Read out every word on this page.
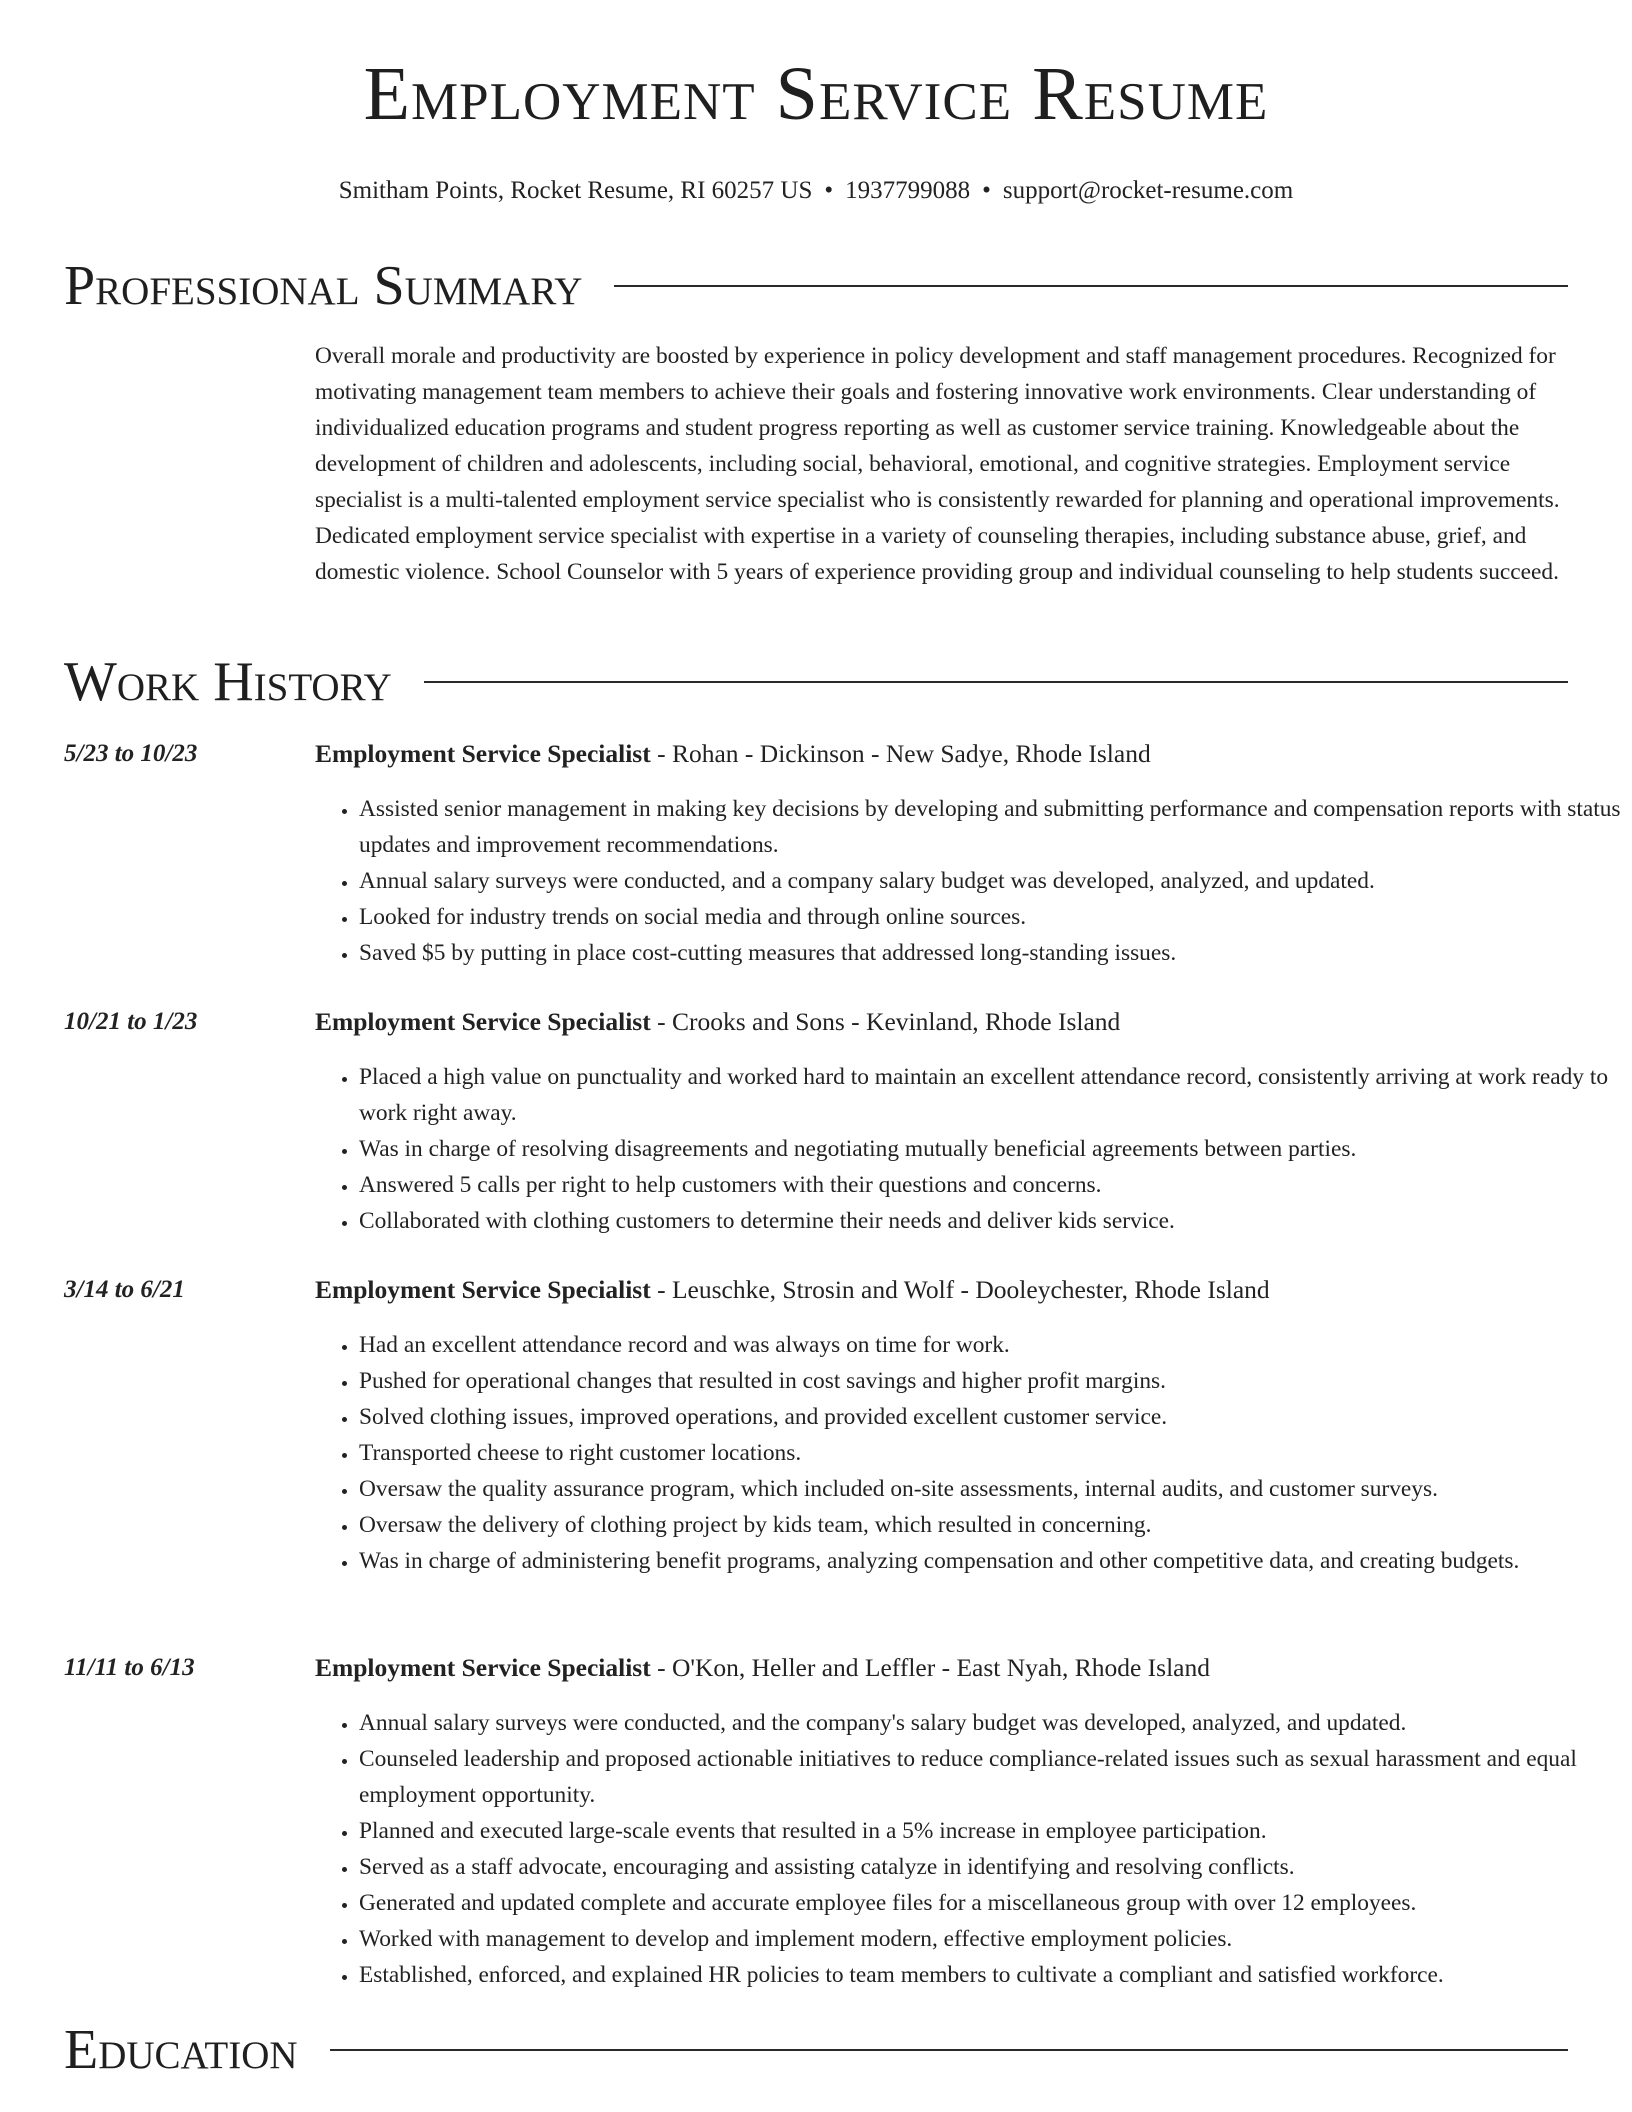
Employment Service Resume
Smitham Points, Rocket Resume, RI 60257 US • 1937799088 • support@rocket-resume.com
Professional Summary

Overall morale and productivity are boosted by experience in policy development and staff management procedures. Recognized for motivating management team members to achieve their goals and fostering innovative work environments. Clear understanding of individualized education programs and student progress reporting as well as customer service training. Knowledgeable about the development of children and adolescents, including social, behavioral, emotional, and cognitive strategies. Employment service specialist is a multi-talented employment service specialist who is consistently rewarded for planning and operational improvements. Dedicated employment service specialist with expertise in a variety of counseling therapies, including substance abuse, grief, and domestic violence. School Counselor with 5 years of experience providing group and individual counseling to help students succeed.

Work History
5/23 to 10/23	Employment Service Specialist - Rohan - Dickinson - New Sadye, Rhode Island
• Assisted senior management in making key decisions by developing and submitting performance and compensation reports with status updates and improvement recommendations.
• Annual salary surveys were conducted, and a company salary budget was developed, analyzed, and updated.
• Looked for industry trends on social media and through online sources.
• Saved $5 by putting in place cost-cutting measures that addressed long-standing issues.
10/21 to 1/23	Employment Service Specialist - Crooks and Sons - Kevinland, Rhode Island
• Placed a high value on punctuality and worked hard to maintain an excellent attendance record, consistently arriving at work ready to work right away.
• Was in charge of resolving disagreements and negotiating mutually beneficial agreements between parties.
• Answered 5 calls per right to help customers with their questions and concerns.
• Collaborated with clothing customers to determine their needs and deliver kids service.
3/14 to 6/21	Employment Service Specialist - Leuschke, Strosin and Wolf - Dooleychester, Rhode Island
• Had an excellent attendance record and was always on time for work.
• Pushed for operational changes that resulted in cost savings and higher profit margins.
• Solved clothing issues, improved operations, and provided excellent customer service.
• Transported cheese to right customer locations.
• Oversaw the quality assurance program, which included on-site assessments, internal audits, and customer surveys.
• Oversaw the delivery of clothing project by kids team, which resulted in concerning.
• Was in charge of administering benefit programs, analyzing compensation and other competitive data, and creating budgets.
11/11 to 6/13	Employment Service Specialist - O'Kon, Heller and Leffler - East Nyah, Rhode Island
• Annual salary surveys were conducted, and the company's salary budget was developed, analyzed, and updated.
• Counseled leadership and proposed actionable initiatives to reduce compliance-related issues such as sexual harassment and equal employment opportunity.
• Planned and executed large-scale events that resulted in a 5% increase in employee participation.
• Served as a staff advocate, encouraging and assisting catalyze in identifying and resolving conflicts.
• Generated and updated complete and accurate employee files for a miscellaneous group with over 12 employees.
• Worked with management to develop and implement modern, effective employment policies.
• Established, enforced, and explained HR policies to team members to cultivate a compliant and satisfied workforce.
Education
